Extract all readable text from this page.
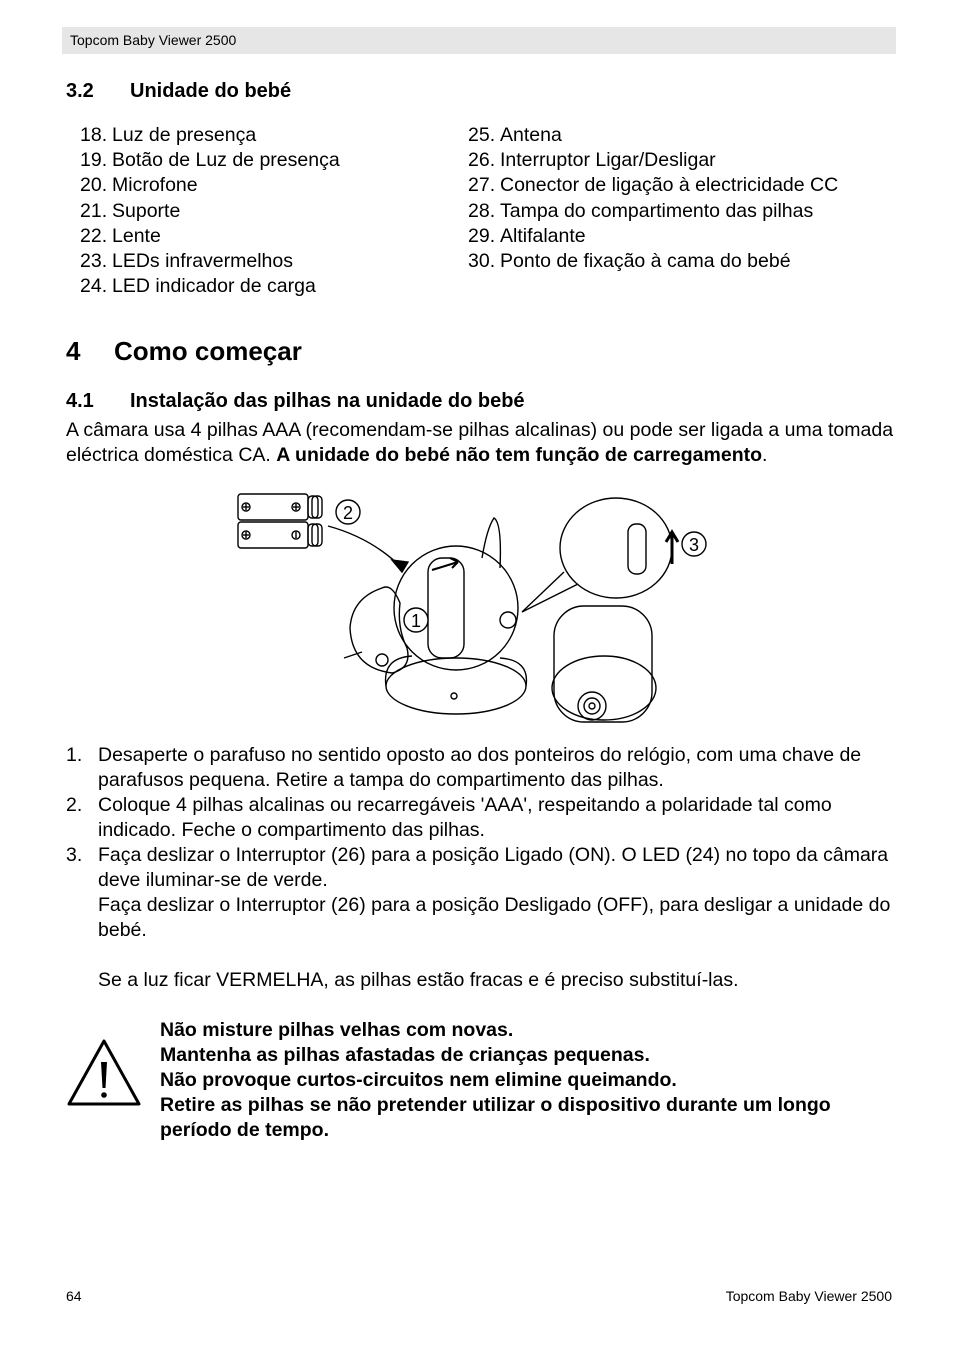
Topcom Baby Viewer 2500
3.2 Unidade do bebé
18. Luz de presença
19. Botão de Luz de presença
20. Microfone
21. Suporte
22. Lente
23. LEDs infravermelhos
24. LED indicador de carga
25. Antena
26. Interruptor Ligar/Desligar
27. Conector de ligação à electricidade CC
28. Tampa do compartimento das pilhas
29. Altifalante
30. Ponto de fixação à cama do bebé
4 Como começar
4.1 Instalação das pilhas na unidade do bebé
A câmara usa 4 pilhas AAA (recomendam-se pilhas alcalinas) ou pode ser ligada a uma tomada eléctrica doméstica CA. A unidade do bebé não tem função de carregamento.
1
2
3
1. Desaperte o parafuso no sentido oposto ao dos ponteiros do relógio, com uma chave de parafusos pequena. Retire a tampa do compartimento das pilhas.
2. Coloque 4 pilhas alcalinas ou recarregáveis 'AAA', respeitando a polaridade tal como indicado. Feche o compartimento das pilhas.
3. Faça deslizar o Interruptor (26) para a posição Ligado (ON). O LED (24) no topo da câmara deve iluminar-se de verde.
Faça deslizar o Interruptor (26) para a posição Desligado (OFF), para desligar a unidade do bebé.

Se a luz ficar VERMELHA, as pilhas estão fracas e é preciso substituí-las.
Não misture pilhas velhas com novas.
Mantenha as pilhas afastadas de crianças pequenas.
Não provoque curtos-circuitos nem elimine queimando.
Retire as pilhas se não pretender utilizar o dispositivo durante um longo período de tempo.
64	Topcom Baby Viewer 2500
